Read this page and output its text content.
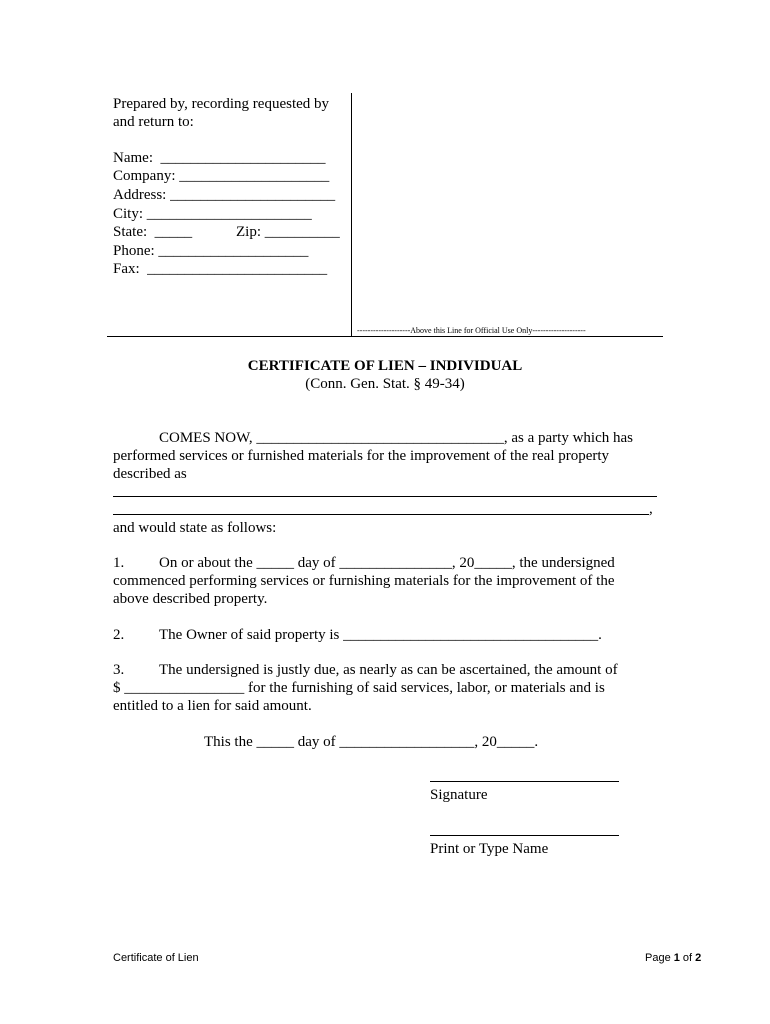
Prepared by, recording requested by
and return to:
Name:  ______________________
Company: ____________________
Address: ______________________
City: ______________________
State:  _____	Zip: __________
Phone: ____________________
Fax:  ________________________
--------------------Above this Line for Official Use Only--------------------
CERTIFICATE OF LIEN – INDIVIDUAL
(Conn. Gen. Stat. § 49-34)
COMES NOW, _________________________________, as a party which has
performed services or furnished materials for the improvement of the real property
described as
,
and would state as follows:
1. On or about the _____ day of _______________, 20_____, the undersigned
commenced performing services or furnishing materials for the improvement of the
above described property.
2. The Owner of said property is __________________________________.
3. The undersigned is justly due, as nearly as can be ascertained, the amount of
$ ________________ for the furnishing of said services, labor, or materials and is
entitled to a lien for said amount.
This the _____ day of __________________, 20_____.
Signature
Print or Type Name
Certificate of Lien	Page 1 of 2
